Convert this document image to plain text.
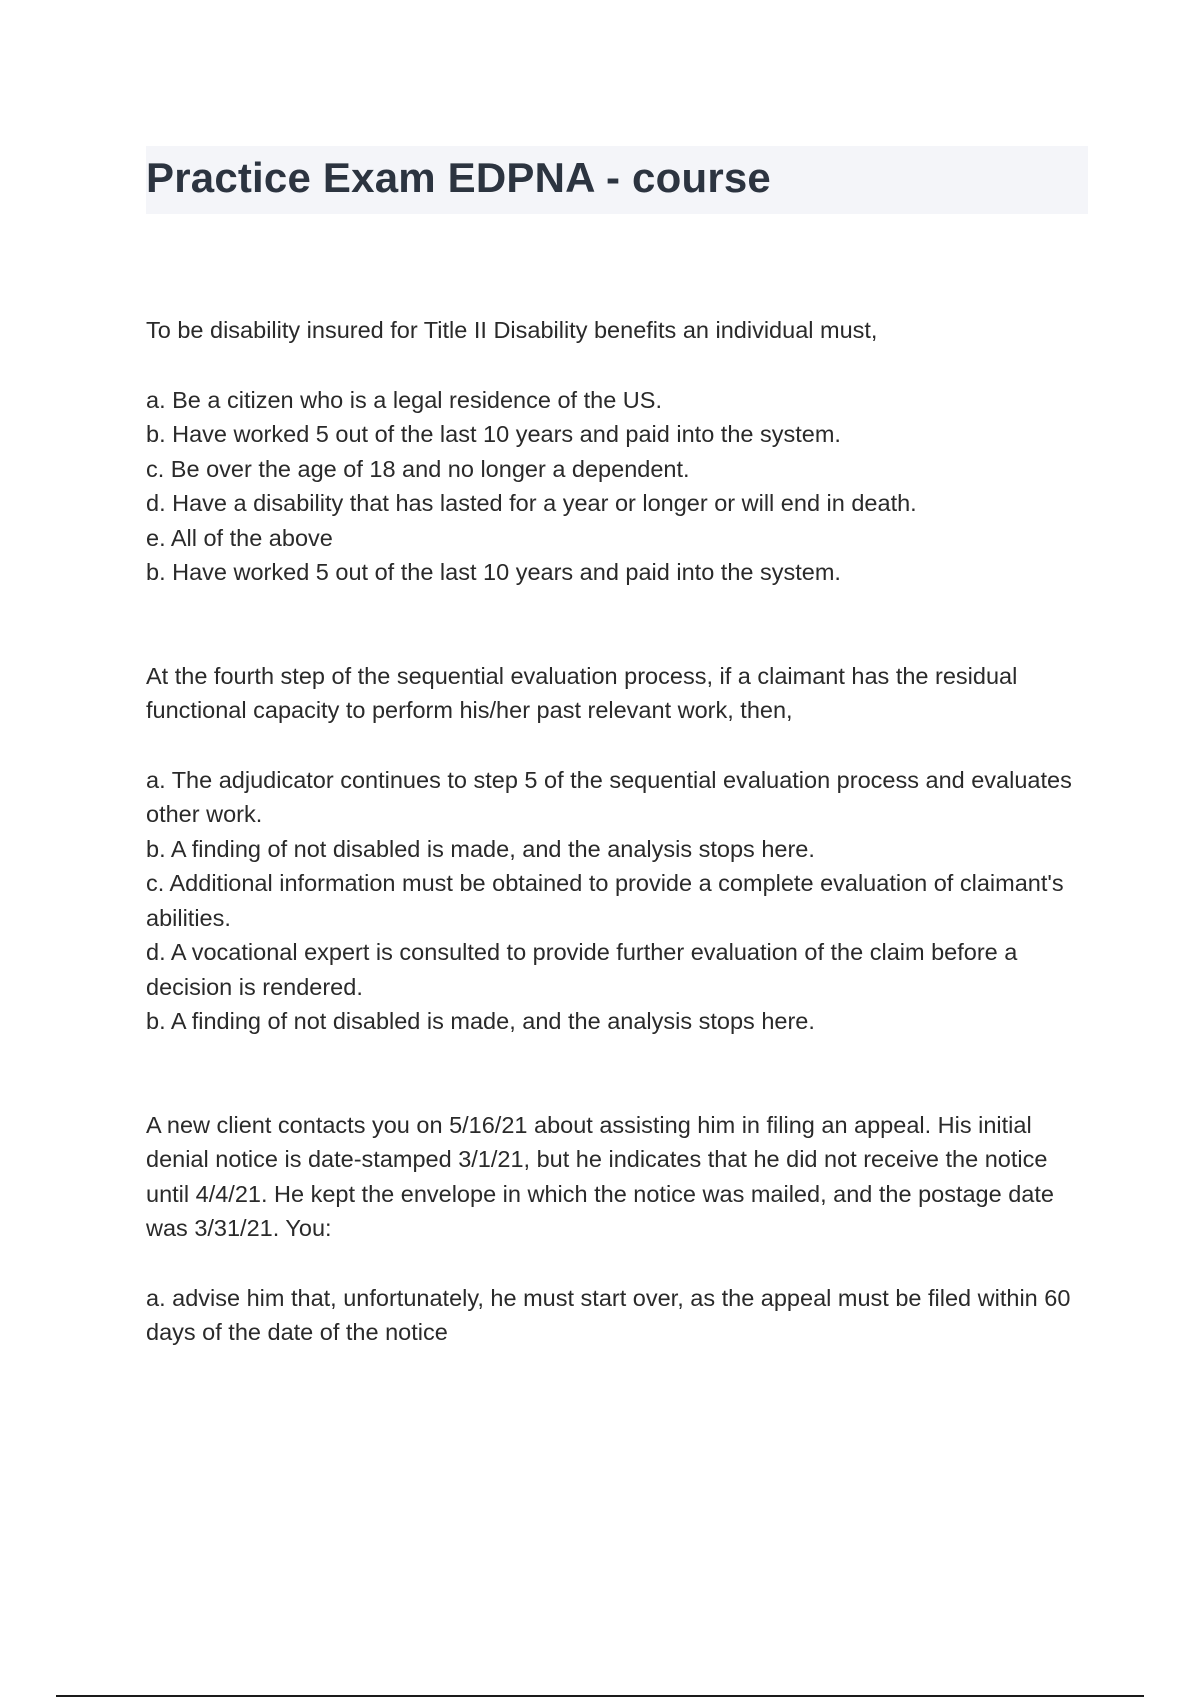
Practice Exam EDPNA - course

To be disability insured for Title II Disability benefits an individual must,

a. Be a citizen who is a legal residence of the US.
b. Have worked 5 out of the last 10 years and paid into the system.
c. Be over the age of 18 and no longer a dependent.
d. Have a disability that has lasted for a year or longer or will end in death.
e. All of the above
b. Have worked 5 out of the last 10 years and paid into the system.

At the fourth step of the sequential evaluation process, if a claimant has the residual functional capacity to perform his/her past relevant work, then,

a. The adjudicator continues to step 5 of the sequential evaluation process and evaluates other work.
b. A finding of not disabled is made, and the analysis stops here.
c. Additional information must be obtained to provide a complete evaluation of claimant's abilities.
d. A vocational expert is consulted to provide further evaluation of the claim before a decision is rendered.
b. A finding of not disabled is made, and the analysis stops here.

A new client contacts you on 5/16/21 about assisting him in filing an appeal. His initial denial notice is date-stamped 3/1/21, but he indicates that he did not receive the notice until 4/4/21. He kept the envelope in which the notice was mailed, and the postage date was 3/31/21. You:

a. advise him that, unfortunately, he must start over, as the appeal must be filed within 60 days of the date of the notice
